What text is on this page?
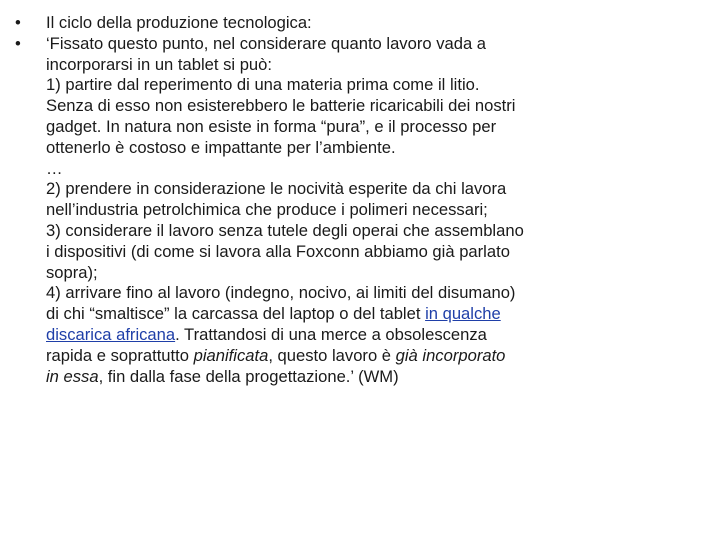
•	Il ciclo della produzione tecnologica:
•	‘Fissato questo punto, nel considerare quanto lavoro vada a
incorporarsi in un tablet si può:
1) partire dal reperimento di una materia prima come il litio.
Senza di esso non esisterebbero le batterie ricaricabili dei nostri
gadget. In natura non esiste in forma “pura”, e il processo per
ottenerlo è costoso e impattante per l’ambiente.
…
2) prendere in considerazione le nocività esperite da chi lavora
nell’industria petrolchimica che produce i polimeri necessari;
3) considerare il lavoro senza tutele degli operai che assemblano
i dispositivi (di come si lavora alla Foxconn abbiamo già parlato
sopra);
4) arrivare fino al lavoro (indegno, nocivo, ai limiti del disumano)
di chi “smaltisce” la carcassa del laptop o del tablet in qualche
discarica africana. Trattandosi di una merce a obsolescenza
rapida e soprattutto pianificata, questo lavoro è già incorporato
in essa, fin dalla fase della progettazione.’ (WM)
